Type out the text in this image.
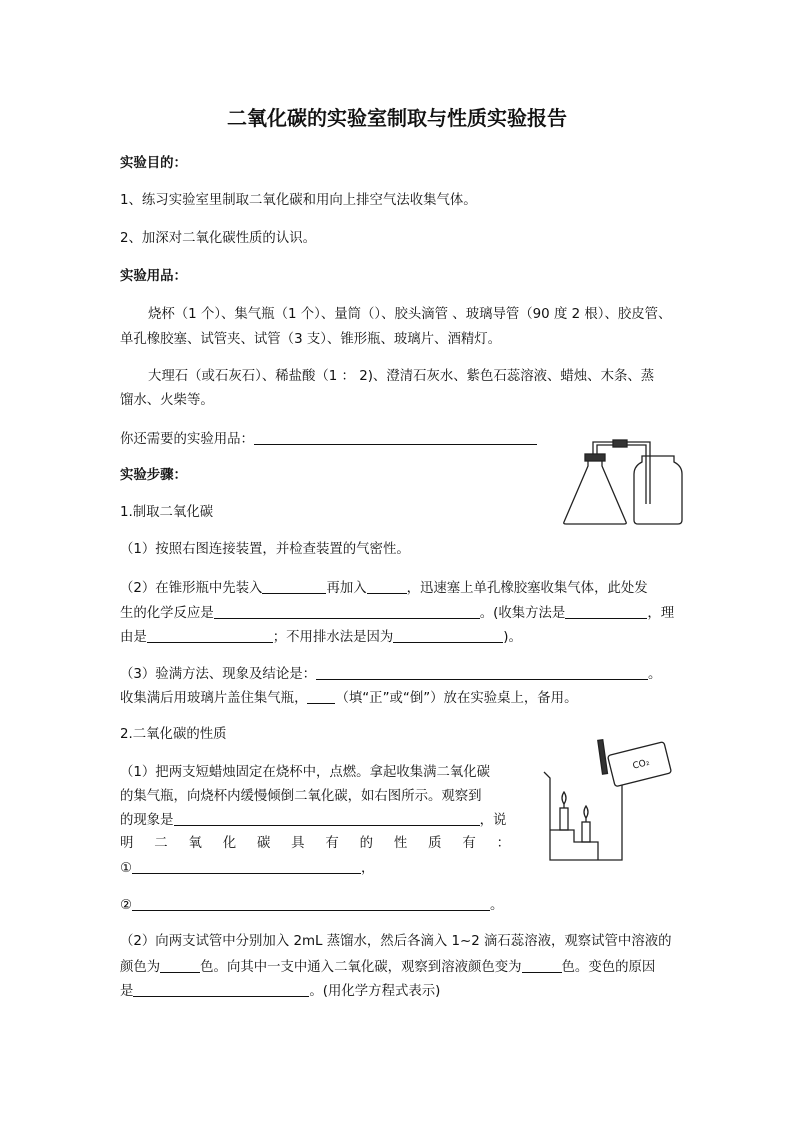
二氧化碳的实验室制取与性质实验报告
实验目的：
1、练习实验室里制取二氧化碳和用向上排空气法收集气体。
2、加深对二氧化碳性质的认识。
实验用品：
烧杯（1 个）、集气瓶（1 个）、量筒（）、胶头滴管 、玻璃导管（90 度 2 根）、胶皮管、
单孔橡胶塞、试管夹、试管（3 支）、锥形瓶、玻璃片、酒精灯。
大理石（或石灰石）、稀盐酸（1 ： 2)、澄清石灰水、紫色石蕊溶液、蜡烛、木条、蒸
馏水、火柴等。
你还需要的实验用品：
实验步骤：
1.制取二氧化碳
（1）按照右图连接装置，并检查装置的气密性。
（2）在锥形瓶中先装入	再加入	，迅速塞上单孔橡胶塞收集气体，此处发
生的化学反应是	。(收集方法是	，理
由是	；不用排水法是因为	)。
（3）验满方法、现象及结论是：	。
收集满后用玻璃片盖住集气瓶， （填“正”或“倒”）放在实验桌上，备用。
2.二氧化碳的性质
（1）把两支短蜡烛固定在烧杯中，点燃。拿起收集满二氧化碳
的集气瓶，向烧杯内缓慢倾倒二氧化碳，如右图所示。观察到
的现象是	，说
明 二 氧 化 碳 具 有 的 性 质 有 ：
①	，
②	。
（2）向两支试管中分别加入 2mL 蒸馏水，然后各滴入 1~2 滴石蕊溶液，观察试管中溶液的
颜色为	色。向其中一支中通入二氧化碳，观察到溶液颜色变为	色。变色的原因
是	。(用化学方程式表示)
CO₂
